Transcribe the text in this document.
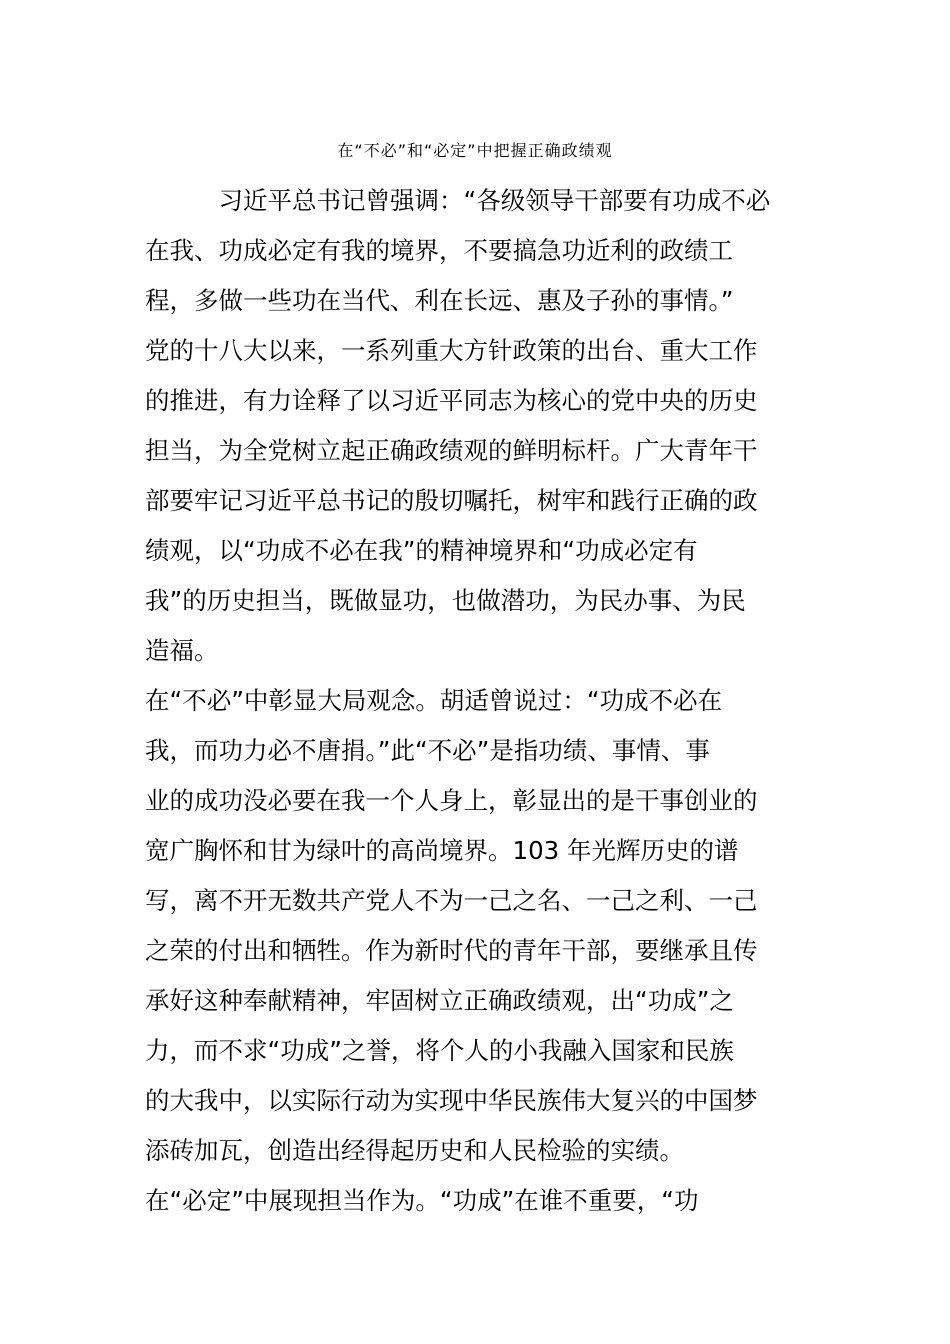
在“不必”和“必定”中把握正确政绩观
　　　习近平总书记曾强调：“各级领导干部要有功成不必
在我、功成必定有我的境界，不要搞急功近利的政绩工
程，多做一些功在当代、利在长远、惠及子孙的事情。”
党的十八大以来，一系列重大方针政策的出台、重大工作
的推进，有力诠释了以习近平同志为核心的党中央的历史
担当，为全党树立起正确政绩观的鲜明标杆。广大青年干
部要牢记习近平总书记的殷切嘱托，树牢和践行正确的政
绩观，以“功成不必在我”的精神境界和“功成必定有
我”的历史担当，既做显功，也做潜功，为民办事、为民
造福。
在“不必”中彰显大局观念。胡适曾说过：“功成不必在
我，而功力必不唐捐。”此“不必”是指功绩、事情、事
业的成功没必要在我一个人身上，彰显出的是干事创业的
宽广胸怀和甘为绿叶的高尚境界。103 年光辉历史的谱
写，离不开无数共产党人不为一己之名、一己之利、一己
之荣的付出和牺牲。作为新时代的青年干部，要继承且传
承好这种奉献精神，牢固树立正确政绩观，出“功成”之
力，而不求“功成”之誉，将个人的小我融入国家和民族
的大我中，以实际行动为实现中华民族伟大复兴的中国梦
添砖加瓦，创造出经得起历史和人民检验的实绩。
在“必定”中展现担当作为。“功成”在谁不重要，“功
